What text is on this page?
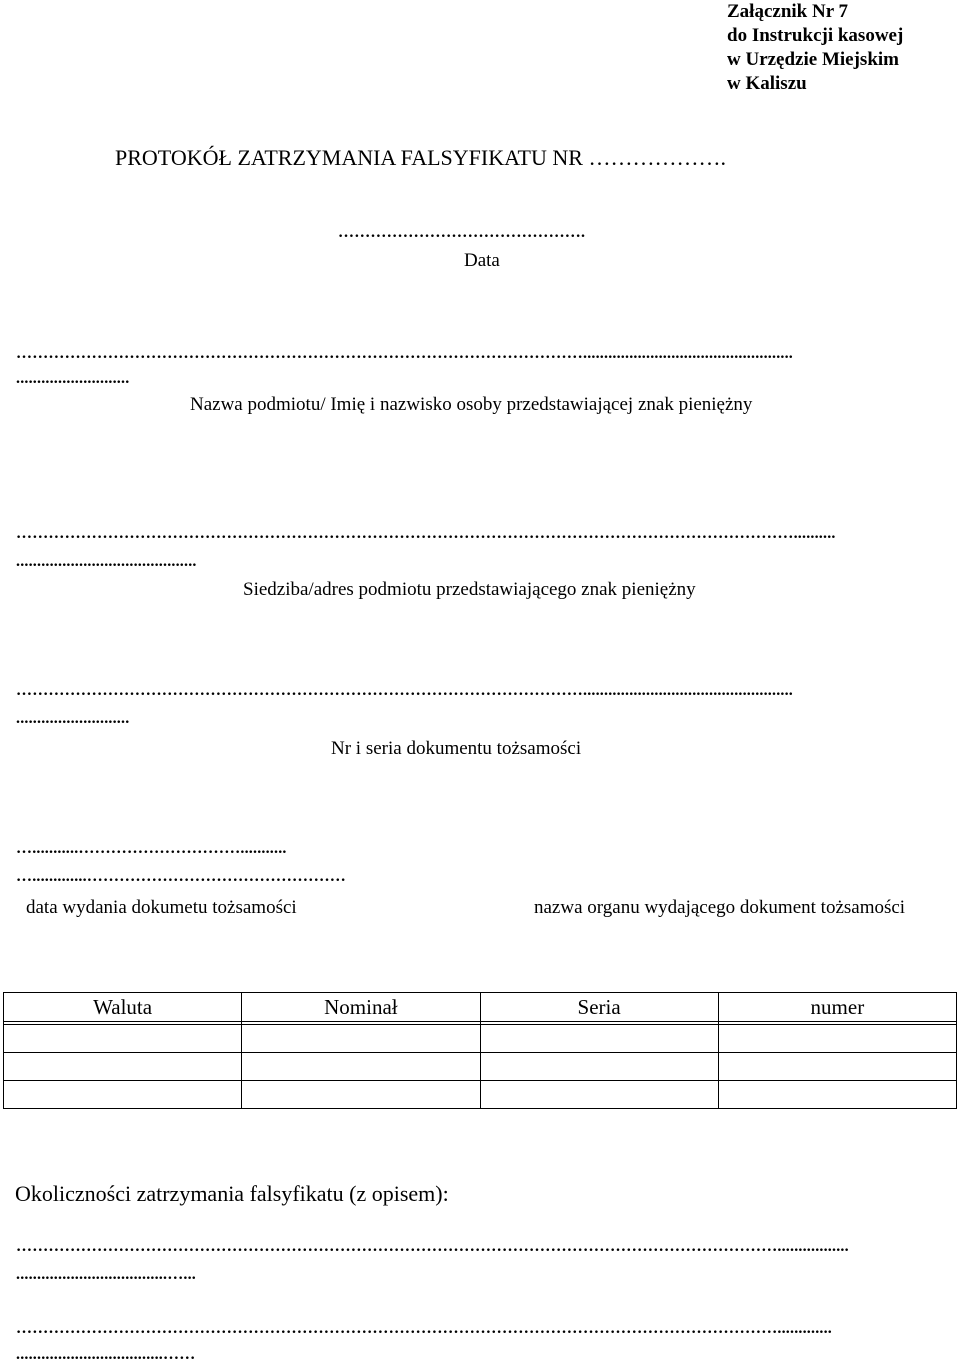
Załącznik Nr 7
do Instrukcji kasowej
w Urzędzie Miejskim
w Kaliszu
PROTOKÓŁ ZATRZYMANIA FALSYFIKATU NR ……………….
……………………………………….
Data
……………………………………………………………………………………………..................................................
...........................
Nazwa podmiotu/ Imię i nazwisko osoby przedstawiającej znak pieniężny
………………………………………………………………………………………………………………………………..........
...........................................
Siedziba/adres podmiotu przedstawiającego znak pieniężny
……………………………………………………………………………………………..................................................
...........................
Nr i seria dokumentu tożsamości
…...........…………………………...........
….............…………………………………………
data wydania dokumetu tożsamości	nazwa organu wydającego dokument tożsamości
Waluta	Nominał	Seria	numer

Okoliczności zatrzymania falsyfikatu (z opisem):
…………………………………………………………………………………………………………………………….................
....................................…...
…………………………………………………………………………………………………………………………….............
...................................……
